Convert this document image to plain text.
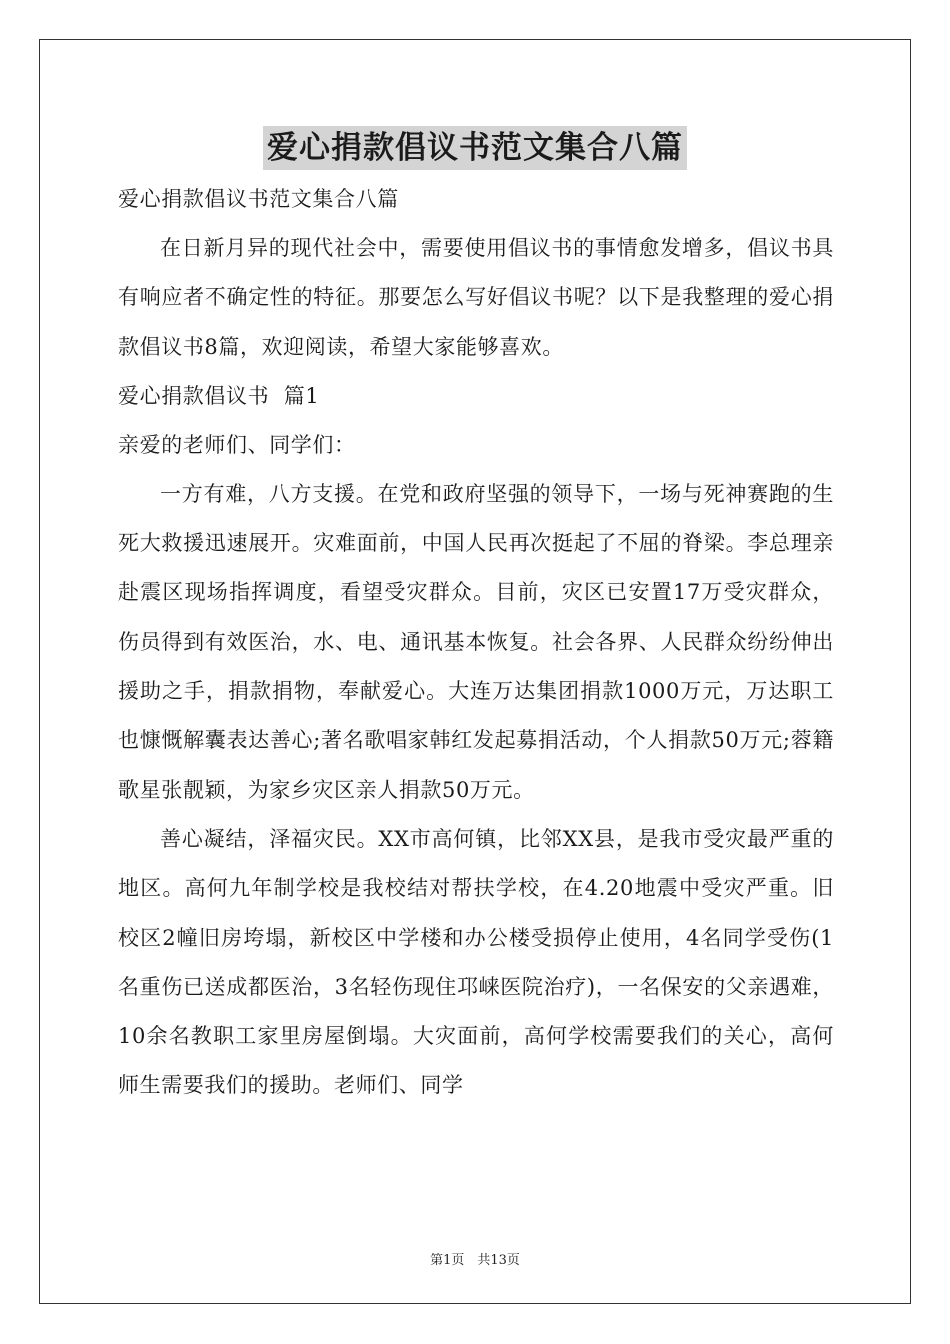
爱心捐款倡议书范文集合八篇
爱心捐款倡议书范文集合八篇

在日新月异的现代社会中，需要使用倡议书的事情愈发增多，倡议书具有响应者不确定性的特征。那要怎么写好倡议书呢？以下是我整理的爱心捐款倡议书8篇，欢迎阅读，希望大家能够喜欢。

爱心捐款倡议书  篇1
亲爱的老师们、同学们：

一方有难，八方支援。在党和政府坚强的领导下，一场与死神赛跑的生死大救援迅速展开。灾难面前，中国人民再次挺起了不屈的脊梁。李总理亲赴震区现场指挥调度，看望受灾群众。目前，灾区已安置17万受灾群众，伤员得到有效医治，水、电、通讯基本恢复。社会各界、人民群众纷纷伸出援助之手，捐款捐物，奉献爱心。大连万达集团捐款1000万元，万达职工也慷慨解囊表达善心;著名歌唱家韩红发起募捐活动，个人捐款50万元;蓉籍歌星张靓颖，为家乡灾区亲人捐款50万元。

善心凝结，泽福灾民。XX市高何镇，比邻XX县，是我市受灾最严重的地区。高何九年制学校是我校结对帮扶学校，在4.20地震中受灾严重。旧校区2幢旧房垮塌，新校区中学楼和办公楼受损停止使用，4名同学受伤(1名重伤已送成都医治，3名轻伤现住邛崃医院治疗)，一名保安的父亲遇难，10余名教职工家里房屋倒塌。大灾面前，高何学校需要我们的关心，高何师生需要我们的援助。老师们、同学

第1页　共13页
